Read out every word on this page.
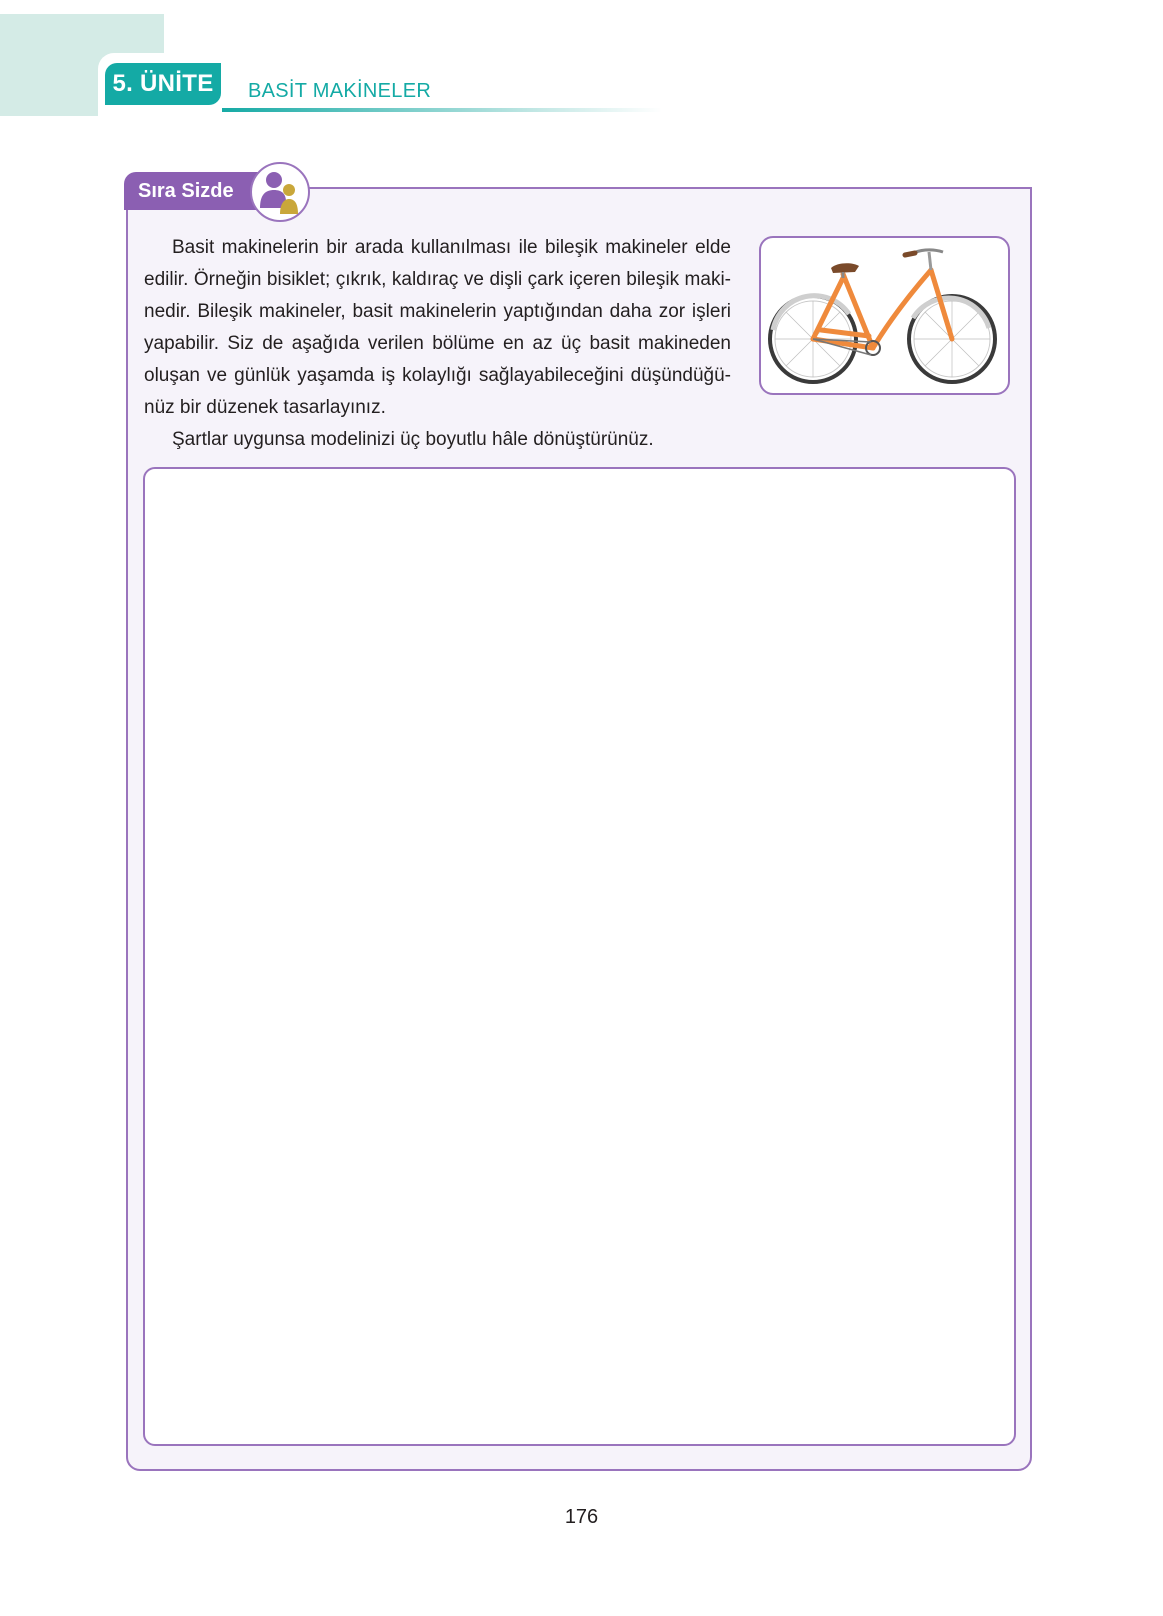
5. ÜNİTE	BASİT MAKİNELER
Sıra Sizde

Basit makinelerin bir arada kullanılması ile bileşik makineler elde

edilir. Örneğin bisiklet; çıkrık, kaldıraç ve dişli çark içeren bileşik maki-

nedir. Bileşik makineler, basit makinelerin yaptığından daha zor işleri

yapabilir. Siz de aşağıda verilen bölüme en az üç basit makineden

oluşan ve günlük yaşamda iş kolaylığı sağlayabileceğini düşündüğü-

nüz bir düzenek tasarlayınız.

Şartlar uygunsa modelinizi üç boyutlu hâle dönüştürünüz.

176
